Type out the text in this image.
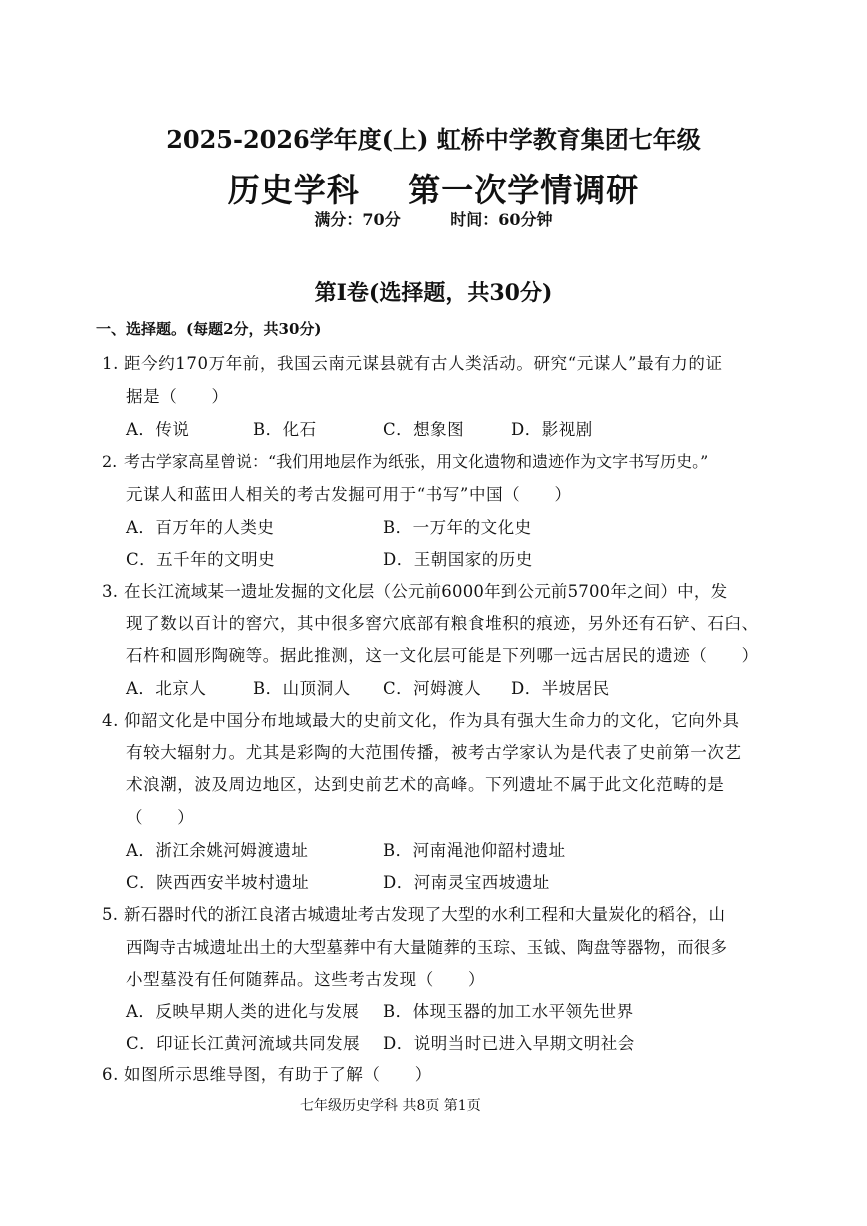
2025-2026学年度(上) 虹桥中学教育集团七年级
历史学科    第一次学情调研
满分：70分	时间：60分钟
第I卷(选择题，共30分)
一、选择题。(每题2分，共30分)
1. 距今约170万年前，我国云南元谋县就有古人类活动。研究“元谋人”最有力的证
据是（　　）
A．传说	B．化石	C．想象图	D．影视剧
2. 考古学家高星曾说：“我们用地层作为纸张，用文化遗物和遗迹作为文字书写历史。”
元谋人和蓝田人相关的考古发掘可用于“书写”中国（　　）
A．百万年的人类史	B．一万年的文化史
C．五千年的文明史	D．王朝国家的历史
3. 在长江流域某一遗址发掘的文化层（公元前6000年到公元前5700年之间）中，发
现了数以百计的窖穴，其中很多窖穴底部有粮食堆积的痕迹，另外还有石铲、石臼、
石杵和圆形陶碗等。据此推测，这一文化层可能是下列哪一远古居民的遗迹（　　）
A．北京人	B．山顶洞人 C．河姆渡人 D．半坡居民
4. 仰韶文化是中国分布地域最大的史前文化，作为具有强大生命力的文化，它向外具
有较大辐射力。尤其是彩陶的大范围传播，被考古学家认为是代表了史前第一次艺
术浪潮，波及周边地区，达到史前艺术的高峰。下列遗址不属于此文化范畴的是
（　　）
A．浙江余姚河姆渡遗址	B．河南渑池仰韶村遗址
C．陕西西安半坡村遗址	D．河南灵宝西坡遗址
5. 新石器时代的浙江良渚古城遗址考古发现了大型的水利工程和大量炭化的稻谷，山
西陶寺古城遗址出土的大型墓葬中有大量随葬的玉琮、玉钺、陶盘等器物，而很多
小型墓没有任何随葬品。这些考古发现（　　）
A．反映早期人类的进化与发展 B．体现玉器的加工水平领先世界
C．印证长江黄河流域共同发展 D．说明当时已进入早期文明社会
6. 如图所示思维导图，有助于了解（　　）
七年级历史学科 共8页 第1页
